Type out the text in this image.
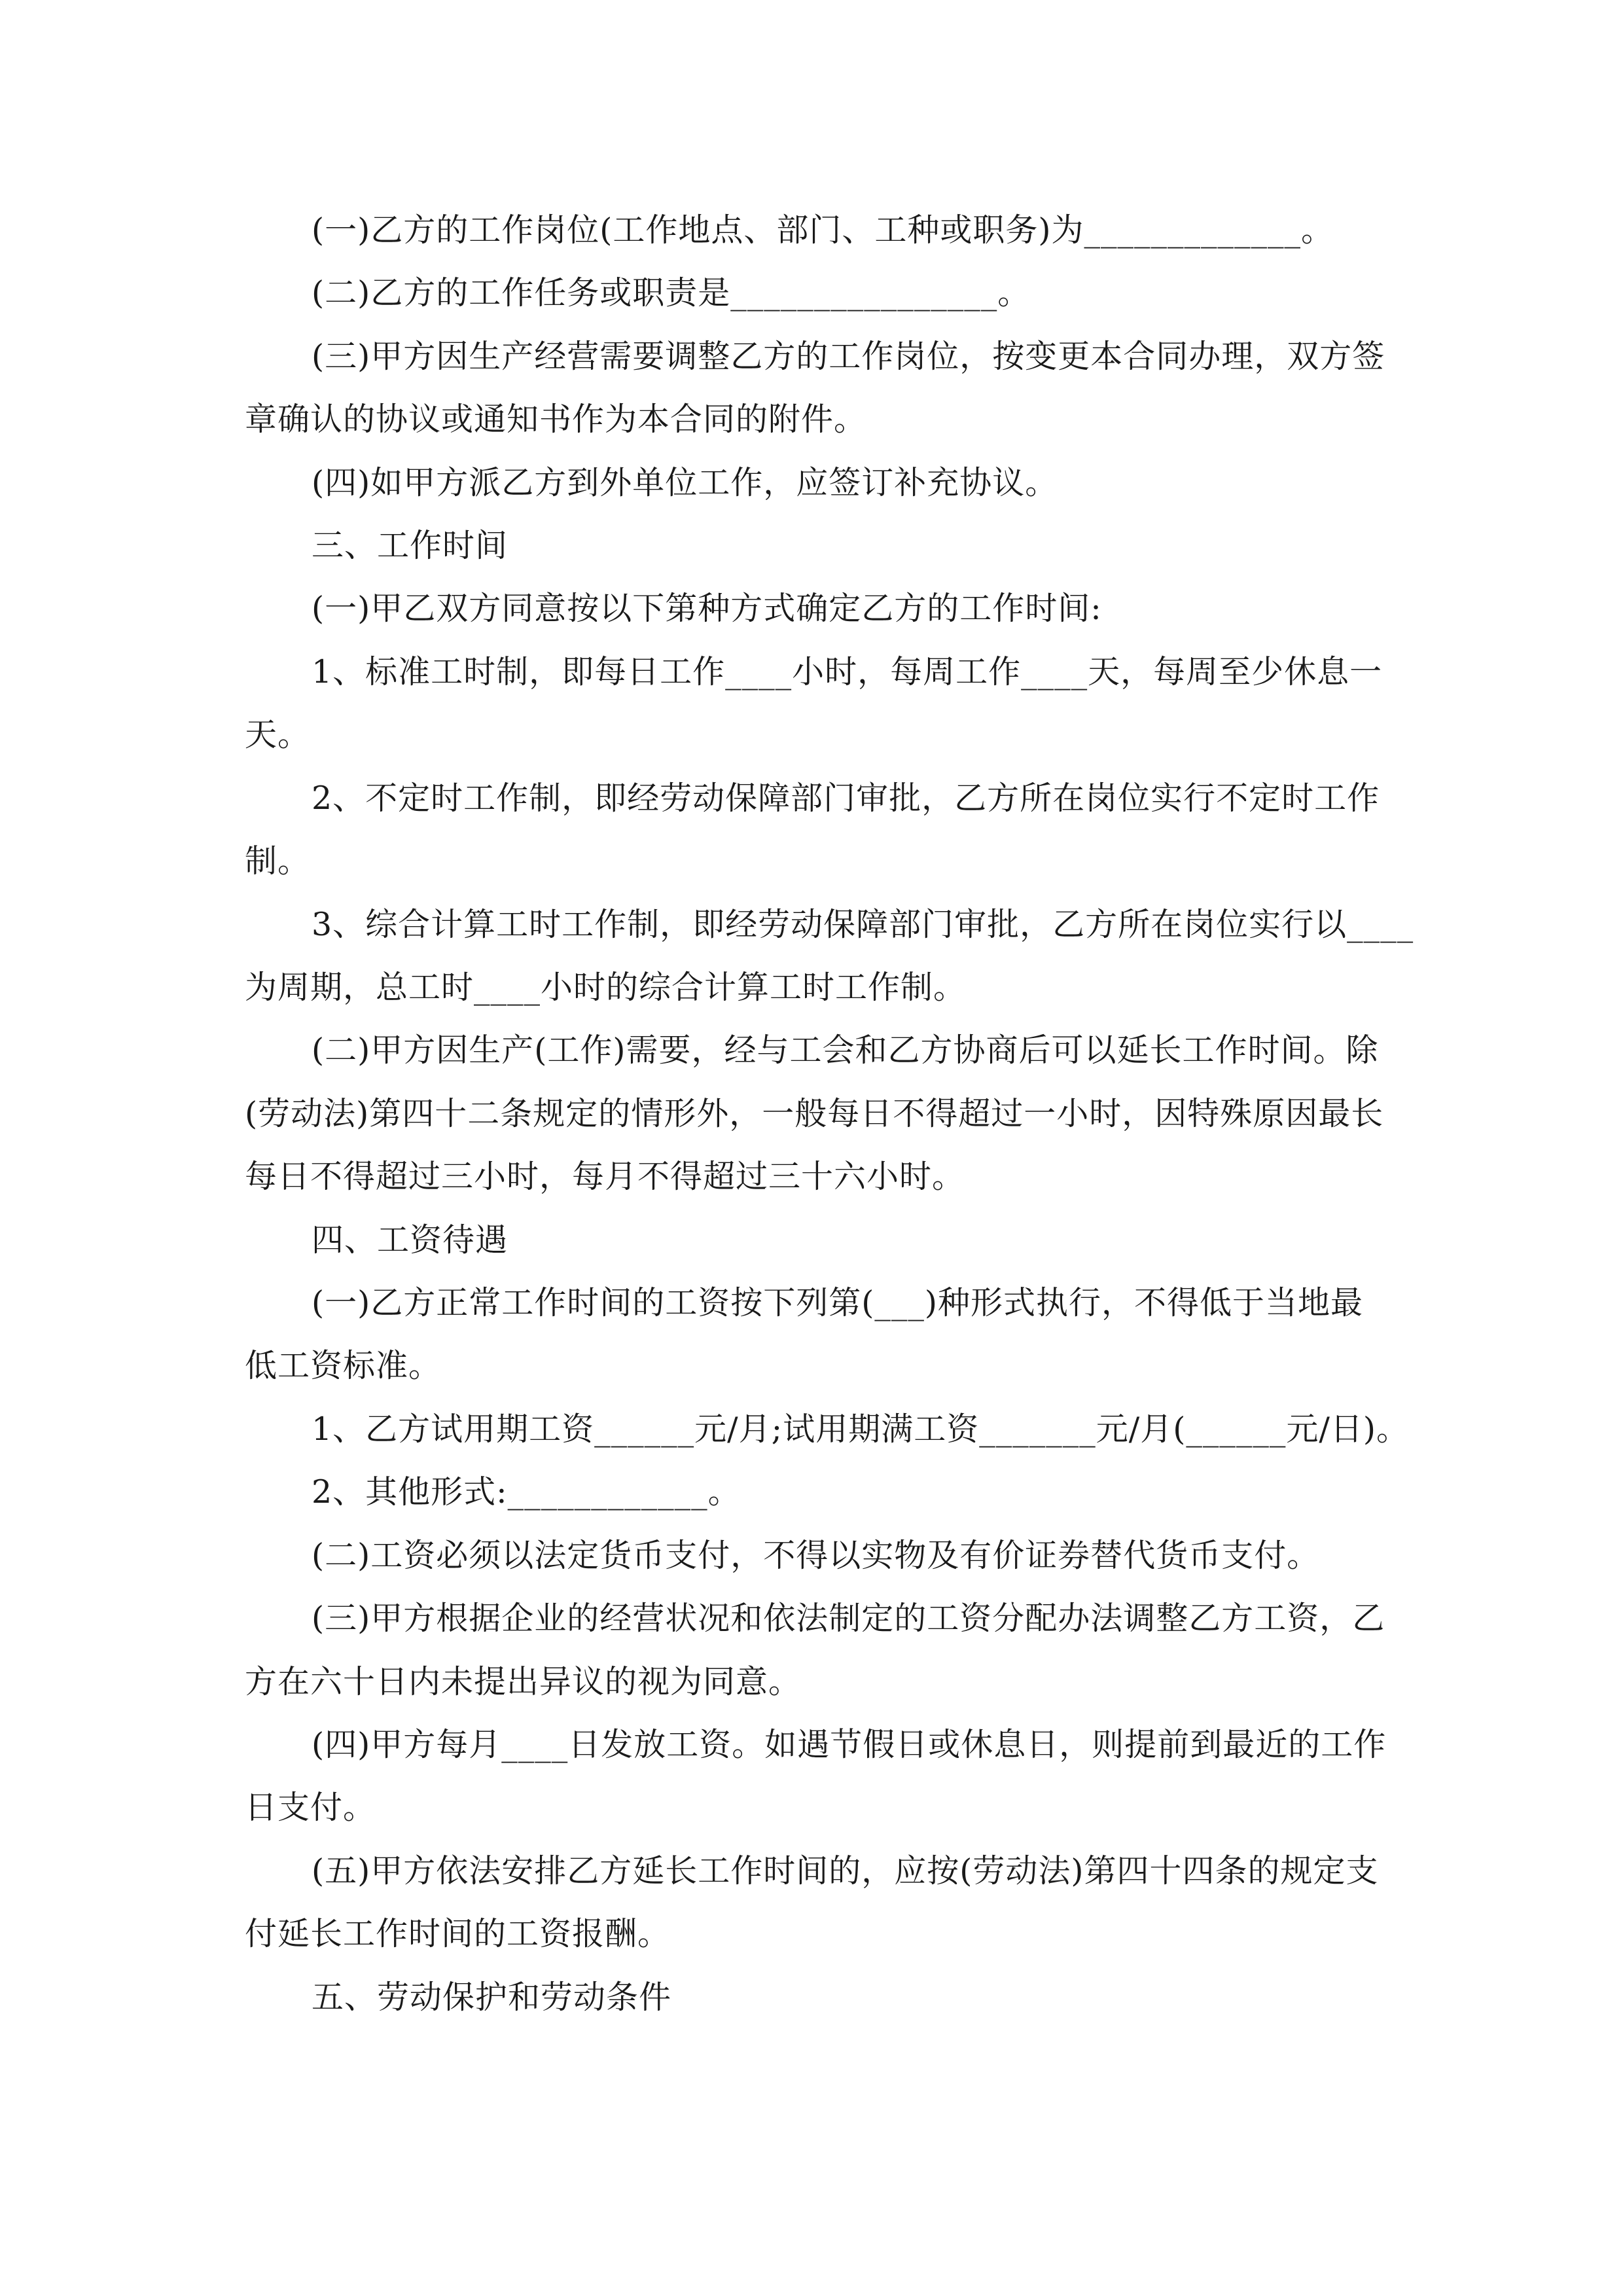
(一)乙方的工作岗位(工作地点、部门、工种或职务)为_____________。
(二)乙方的工作任务或职责是________________。
(三)甲方因生产经营需要调整乙方的工作岗位，按变更本合同办理，双方签
章确认的协议或通知书作为本合同的附件。
(四)如甲方派乙方到外单位工作，应签订补充协议。
三、工作时间
(一)甲乙双方同意按以下第种方式确定乙方的工作时间:
1、标准工时制，即每日工作____小时，每周工作____天，每周至少休息一
天。
2、不定时工作制，即经劳动保障部门审批，乙方所在岗位实行不定时工作
制。
3、综合计算工时工作制，即经劳动保障部门审批，乙方所在岗位实行以____
为周期，总工时____小时的综合计算工时工作制。
(二)甲方因生产(工作)需要，经与工会和乙方协商后可以延长工作时间。除
(劳动法)第四十二条规定的情形外，一般每日不得超过一小时，因特殊原因最长
每日不得超过三小时，每月不得超过三十六小时。
四、工资待遇
(一)乙方正常工作时间的工资按下列第(___)种形式执行，不得低于当地最
低工资标准。
1、乙方试用期工资______元/月;试用期满工资_______元/月(______元/日)。
2、其他形式:____________。
(二)工资必须以法定货币支付，不得以实物及有价证券替代货币支付。
(三)甲方根据企业的经营状况和依法制定的工资分配办法调整乙方工资，乙
方在六十日内未提出异议的视为同意。
(四)甲方每月____日发放工资。如遇节假日或休息日，则提前到最近的工作
日支付。
(五)甲方依法安排乙方延长工作时间的，应按(劳动法)第四十四条的规定支
付延长工作时间的工资报酬。
五、劳动保护和劳动条件
